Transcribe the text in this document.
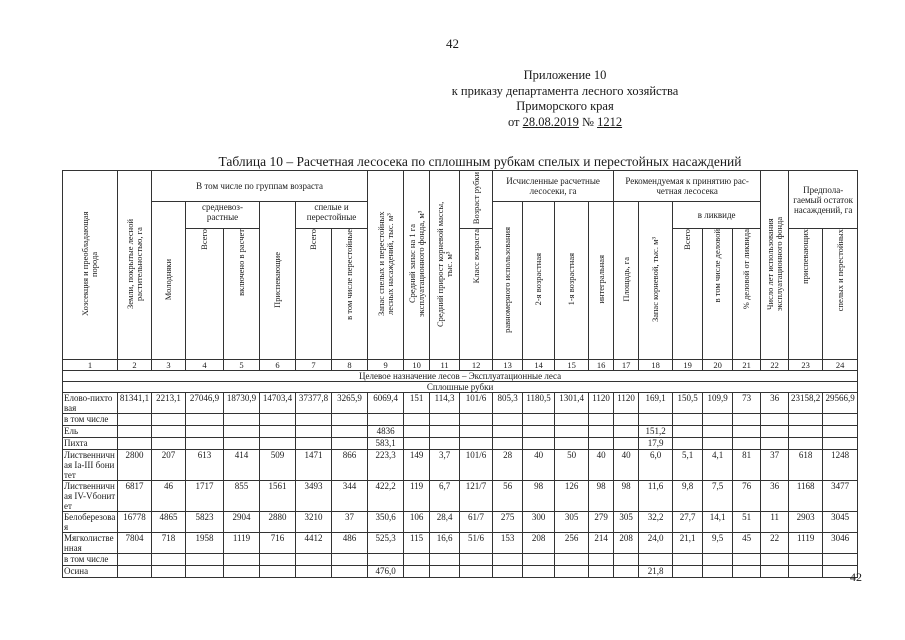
42
Приложение 10
к приказу департамента лесного хозяйства
Приморского края
от 28.08.2019 № 1212
Таблица 10 – Расчетная лесосека по сплошным рубкам спелых и перестойных насаждений
Хозсекция и преобладающая порода	Земли, покрытые лесной растительностью, га	В том числе по группам возраста						Запас спелых и перестойных лесных насаждений, тыс. м³	Средний запас на 1 га эксплуатационного фонда, м³	Средний прирост корневой массы, тыс. м³	Возраст рубки	Исчисленные расчетные лесосеки, га				Рекомендуемая к принятию рас-четная лесосека					Число лет использования эксплуатационного фонда	Предпола-гаемый остаток насаждений, га	
		Молодняки	средневоз-растные		Приспевающие	спелые и перестойные						равномерного использования	2-я возрастная	1-я возрастная	интегральная	Площадь, га	Запас корневой, тыс. м³	в ликвиде					
			Всего	включено в расчет		Всего	в том числе перестойные				Класс возраста							Всего	в том числе деловой	% деловой от ликвида		приспевающих	спелых и перестойных
1	2	3	4	5	6	7	8	9	10	11	12	13	14	15	16	17	18	19	20	21	22	23	24
Целевое назначение лесов – Эксплуатационные леса																							
Сплошные рубки																							
Елово-пихтовая	81341,1	2213,1	27046,9	18730,9	14703,4	37377,8	3265,9	6069,4	151	114,3	101/6	805,3	1180,5	1301,4	1120	1120	169,1	150,5	109,9	73	36	23158,2	29566,9
в том числе																							
Ель								4836									151,2						
Пихта								583,1									17,9						
Лиственничная Ia-III бонитет	2800	207	613	414	509	1471	866	223,3	149	3,7	101/6	28	40	50	40	40	6,0	5,1	4,1	81	37	618	1248
Лиственничная IV-Vбонитет	6817	46	1717	855	1561	3493	344	422,2	119	6,7	121/7	56	98	126	98	98	11,6	9,8	7,5	76	36	1168	3477
Белоберезовая	16778	4865	5823	2904	2880	3210	37	350,6	106	28,4	61/7	275	300	305	279	305	32,2	27,7	14,1	51	11	2903	3045
Мягколиственная	7804	718	1958	1119	716	4412	486	525,3	115	16,6	51/6	153	208	256	214	208	24,0	21,1	9,5	45	22	1119	3046
в том числе																							
Осина								476,0									21,8							42
